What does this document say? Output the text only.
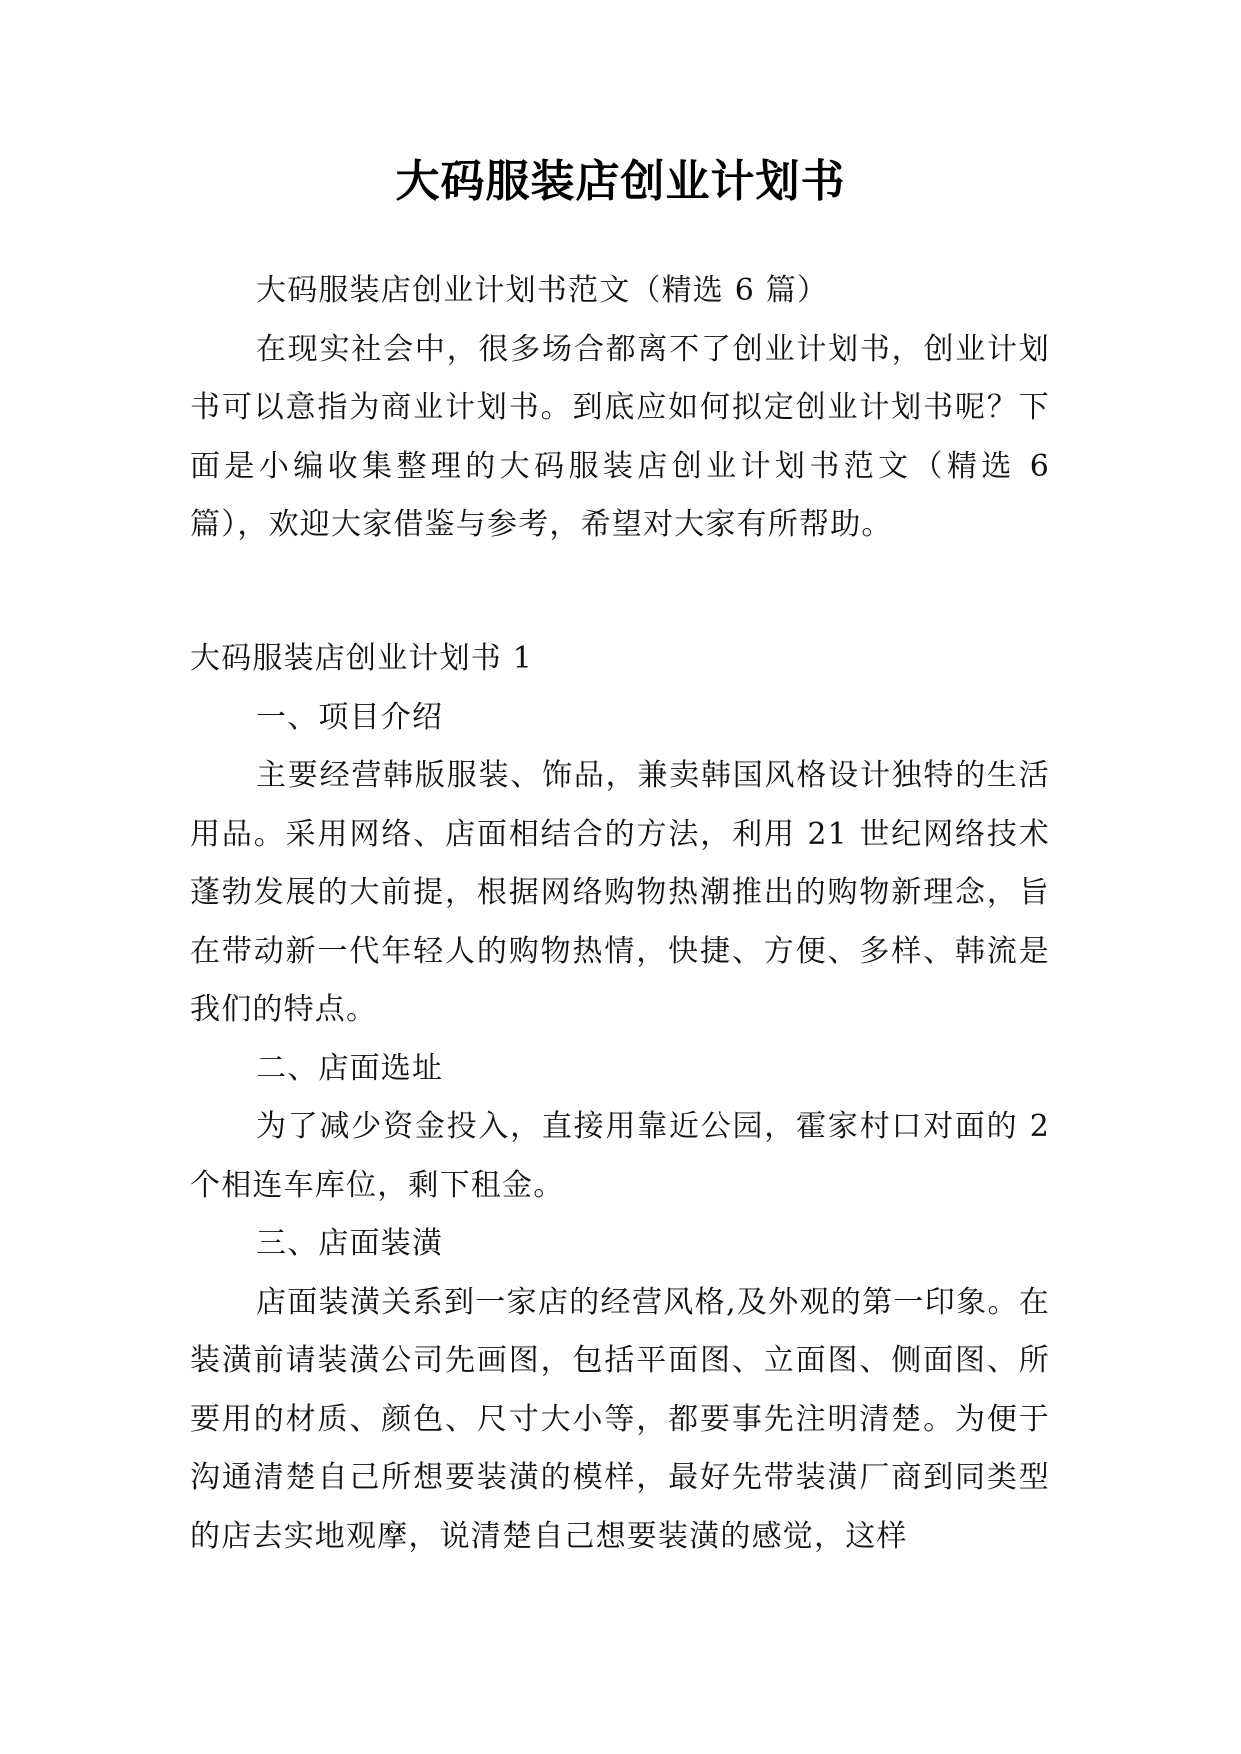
大码服装店创业计划书

大码服装店创业计划书范文（精选 6 篇）

在现实社会中，很多场合都离不了创业计划书，创业计划书可以意指为商业计划书。到底应如何拟定创业计划书呢？下面是小编收集整理的大码服装店创业计划书范文（精选 6 篇），欢迎大家借鉴与参考，希望对大家有所帮助。

大码服装店创业计划书 1

一、项目介绍

主要经营韩版服装、饰品，兼卖韩国风格设计独特的生活用品。采用网络、店面相结合的方法，利用 21 世纪网络技术蓬勃发展的大前提，根据网络购物热潮推出的购物新理念，旨在带动新一代年轻人的购物热情，快捷、方便、多样、韩流是我们的特点。

二、店面选址

为了减少资金投入，直接用靠近公园，霍家村口对面的 2 个相连车库位，剩下租金。

三、店面装潢

店面装潢关系到一家店的经营风格,及外观的第一印象。在装潢前请装潢公司先画图，包括平面图、立面图、侧面图、所要用的材质、颜色、尺寸大小等，都要事先注明清楚。为便于沟通清楚自己所想要装潢的模样，最好先带装潢厂商到同类型的店去实地观摩，说清楚自己想要装潢的感觉，这样
